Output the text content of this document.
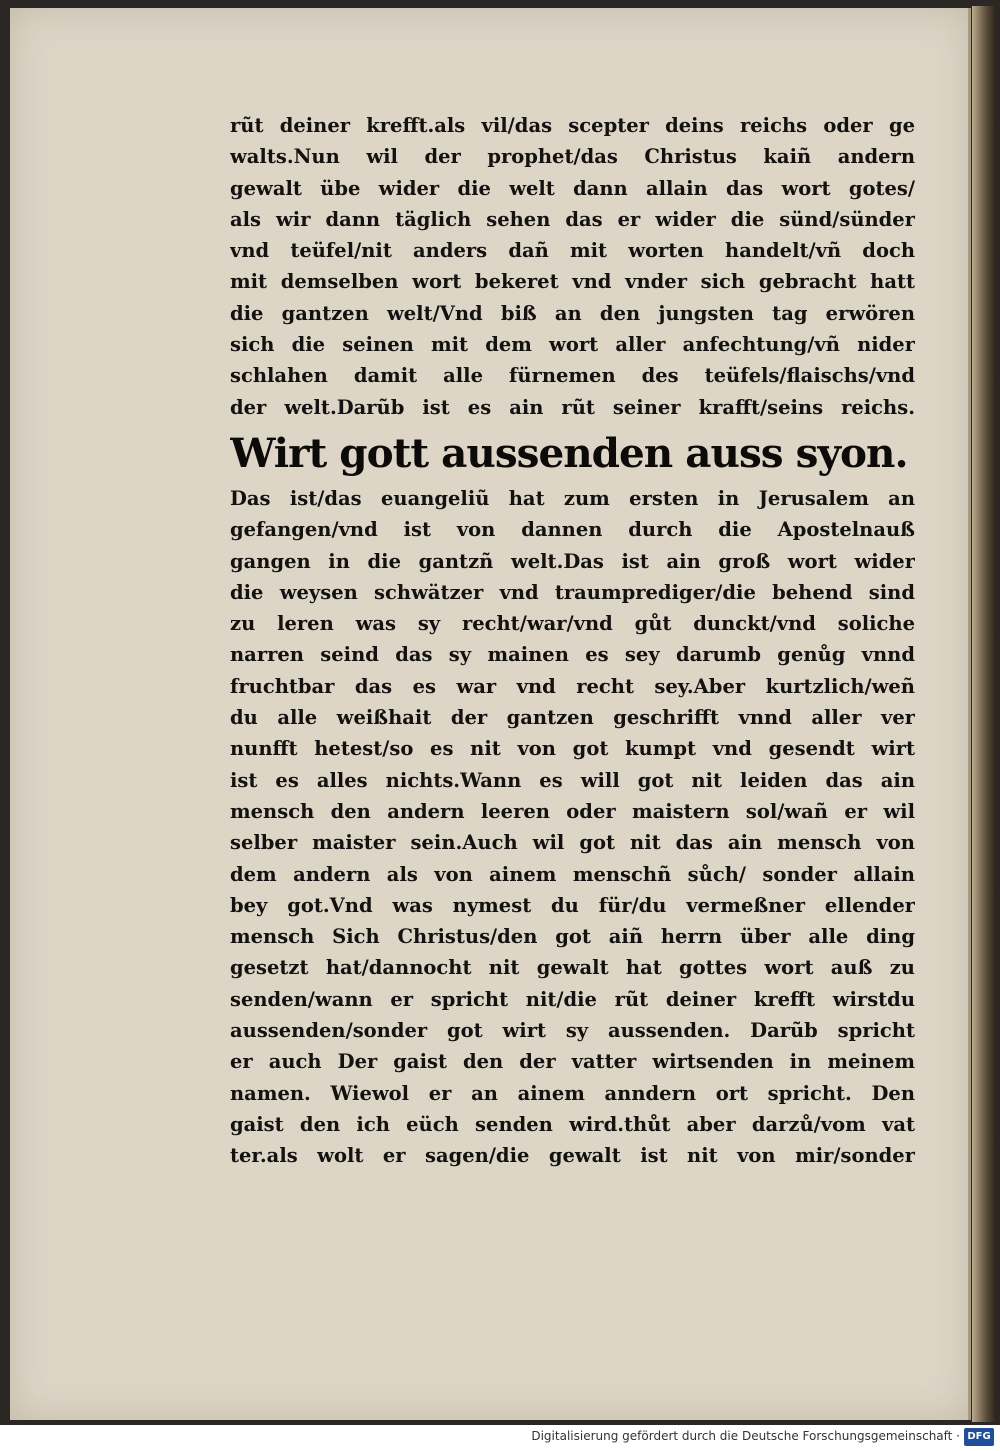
rũt deiner krefft.als vil/das scepter deins reichs oder ge
walts.Nun wil der prophet/das Christus kaiñ andern
gewalt übe wider die welt dann allain das wort gotes/
als wir dann täglich sehen das er wider die sünd/sünder
vnd teüfel/nit anders dañ mit worten handelt/vñ doch
mit demselben wort bekeret vnd vnder sich gebracht hatt
die gantzen welt/Vnd biß an den jungsten tag erwören
sich die seinen mit dem wort aller anfechtung/vñ nider
schlahen damit alle fürnemen des teüfels/flaischs/vnd
der welt.Darũb ist es ain rũt seiner krafft/seins reichs.
Wirt gott aussenden auss syon.
Das ist/das euangeliũ hat zum ersten in Jerusalem an
gefangen/vnd ist von dannen durch die Apostelnauß
gangen in die gantzñ welt.Das ist ain groß wort wider
die weysen schwätzer vnd traumprediger/die behend sind
zu leren was sy recht/war/vnd gůt dunckt/vnd soliche
narren seind das sy mainen es sey darumb genůg vnnd
fruchtbar das es war vnd recht sey.Aber kurtzlich/weñ
du alle weißhait der gantzen geschrifft vnnd aller ver
nunfft hetest/so es nit von got kumpt vnd gesendt wirt
ist es alles nichts.Wann es will got nit leiden das ain
mensch den andern leeren oder maistern sol/wañ er wil
selber maister sein.Auch wil got nit das ain mensch von
dem andern als von ainem menschñ sůch/ sonder allain
bey got.Vnd was nymest du für/du vermeßner ellender
mensch Sich Christus/den got aiñ herrn über alle ding
gesetzt hat/dannocht nit gewalt hat gottes wort auß zu
senden/wann er spricht nit/die rũt deiner krefft wirstdu
aussenden/sonder got wirt sy aussenden. Darũb spricht
er auch Der gaist den der vatter wirtsenden in meinem
namen. Wiewol er an ainem anndern ort spricht. Den
gaist den ich eüch senden wird.thůt aber darzů/vom vat
ter.als wolt er sagen/die gewalt ist nit von mir/sonder
Digitalisierung gefördert durch die Deutsche Forschungsgemeinschaft · DFG
